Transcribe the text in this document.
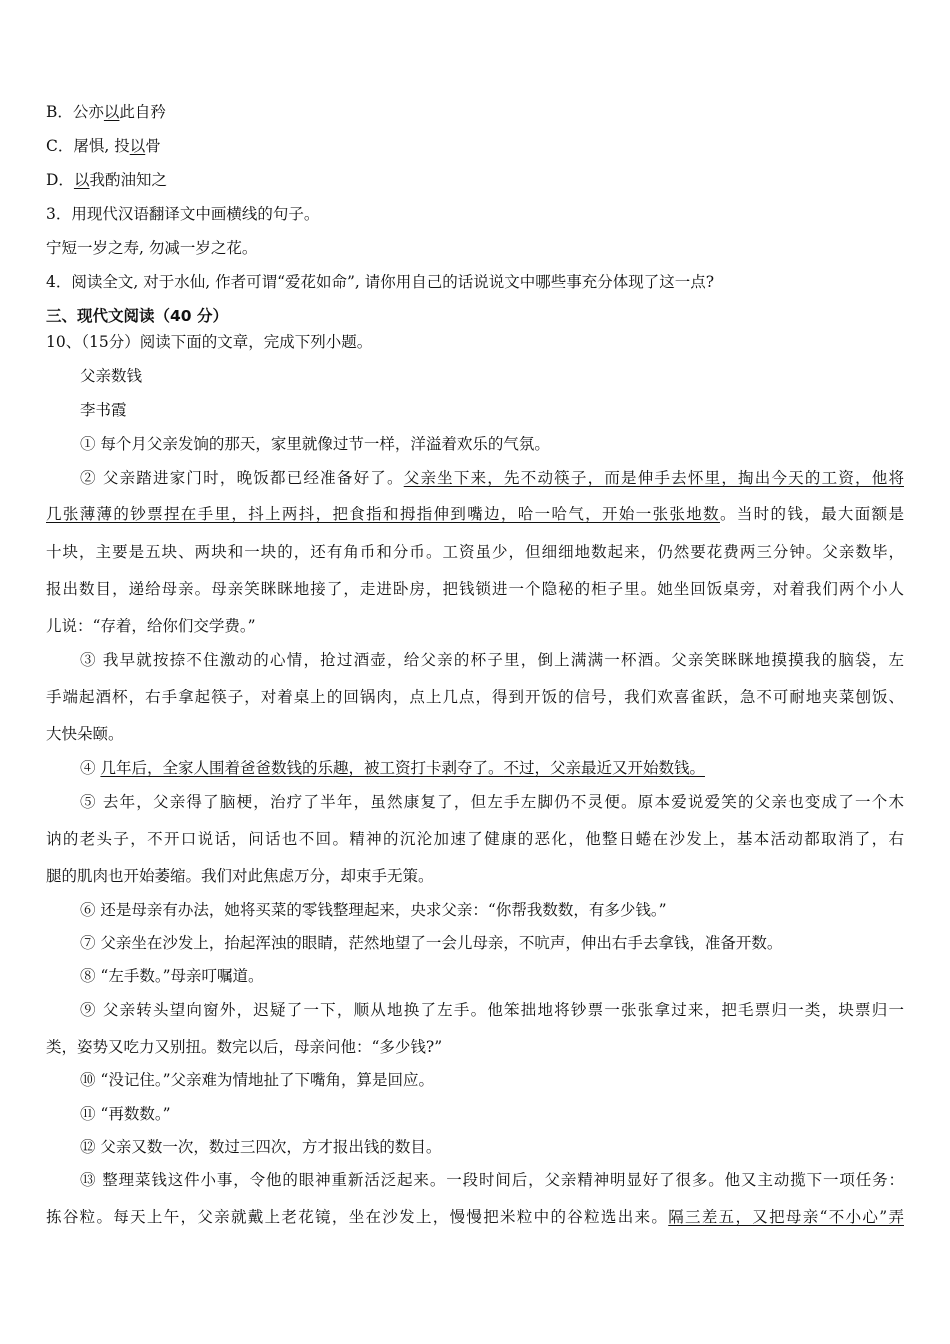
B．公亦以此自矜
C．屠惧, 投以骨
D．以我酌油知之
3．用现代汉语翻译文中画横线的句子。
宁短一岁之寿, 勿减一岁之花。
4．阅读全文, 对于水仙, 作者可谓“爱花如命”, 请你用自己的话说说文中哪些事充分体现了这一点?
三、现代文阅读（40 分）
10、（15分）阅读下面的文章，完成下列小题。
父亲数钱
李书霞
① 每个月父亲发饷的那天，家里就像过节一样，洋溢着欢乐的气氛。
② 父亲踏进家门时，晚饭都已经准备好了。父亲坐下来，先不动筷子，而是伸手去怀里，掏出今天的工资，他将
几张薄薄的钞票捏在手里，抖上两抖，把食指和拇指伸到嘴边，哈一哈气，开始一张张地数。当时的钱，最大面额是
十块，主要是五块、两块和一块的，还有角币和分币。工资虽少，但细细地数起来，仍然要花费两三分钟。父亲数毕，
报出数目，递给母亲。母亲笑眯眯地接了，走进卧房，把钱锁进一个隐秘的柜子里。她坐回饭桌旁，对着我们两个小人
儿说：“存着，给你们交学费。”
③ 我早就按捺不住激动的心情，抢过酒壶，给父亲的杯子里，倒上满满一杯酒。父亲笑眯眯地摸摸我的脑袋，左
手端起酒杯，右手拿起筷子，对着桌上的回锅肉，点上几点，得到开饭的信号，我们欢喜雀跃，急不可耐地夹菜刨饭、
大快朵颐。
④ 几年后，全家人围着爸爸数钱的乐趣，被工资打卡剥夺了。不过，父亲最近又开始数钱。
⑤ 去年，父亲得了脑梗，治疗了半年，虽然康复了，但左手左脚仍不灵便。原本爱说爱笑的父亲也变成了一个木
讷的老头子，不开口说话，问话也不回。精神的沉沦加速了健康的恶化，他整日蜷在沙发上，基本活动都取消了，右
腿的肌肉也开始萎缩。我们对此焦虑万分，却束手无策。
⑥ 还是母亲有办法，她将买菜的零钱整理起来，央求父亲：“你帮我数数，有多少钱。”
⑦ 父亲坐在沙发上，抬起浑浊的眼睛，茫然地望了一会儿母亲，不吭声，伸出右手去拿钱，准备开数。
⑧ “左手数。”母亲叮嘱道。
⑨ 父亲转头望向窗外，迟疑了一下，顺从地换了左手。他笨拙地将钞票一张张拿过来，把毛票归一类，块票归一
类，姿势又吃力又别扭。数完以后，母亲问他：“多少钱?”
⑩ “没记住。”父亲难为情地扯了下嘴角，算是回应。
⑪ “再数数。”
⑫ 父亲又数一次，数过三四次，方才报出钱的数目。
⑬ 整理菜钱这件小事，令他的眼神重新活泛起来。一段时间后，父亲精神明显好了很多。他又主动揽下一项任务：
拣谷粒。每天上午，父亲就戴上老花镜，坐在沙发上，慢慢把米粒中的谷粒选出来。隔三差五，又把母亲“不小心”弄
